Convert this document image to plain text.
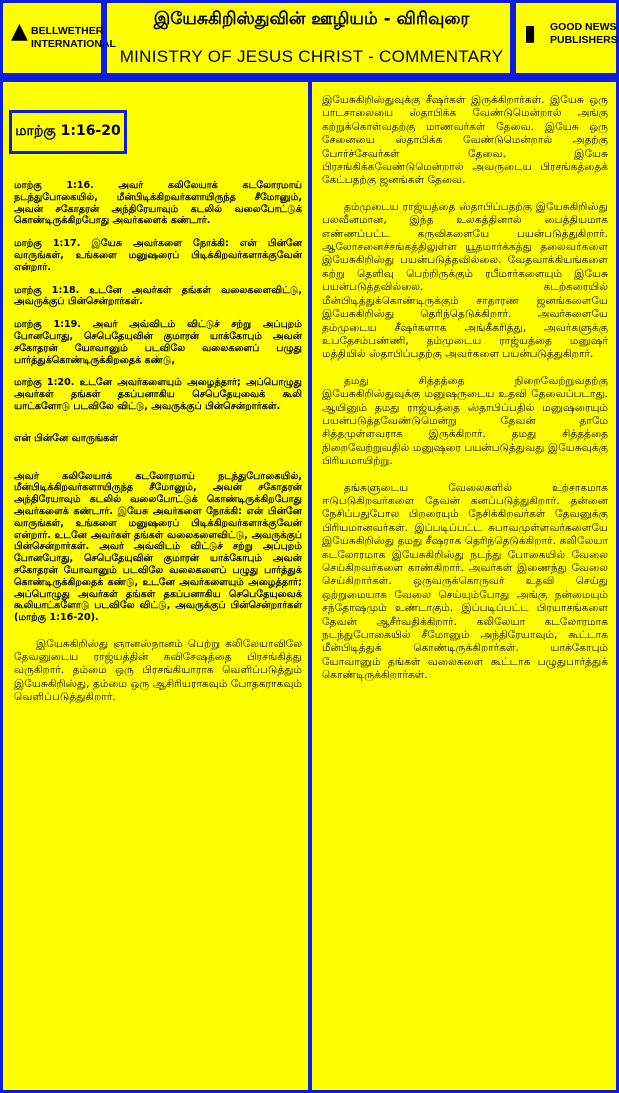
▲ BELLWETHER INTERNATIONAL
இயேசுகிறிஸ்துவின் ஊழியம் - விரிவுரை
MINISTRY OF JESUS CHRIST - COMMENTARY
▮ GOOD NEWS PUBLISHERS
மாற்கு 1:16-20

மாற்கு 1:16. அவர் கலிலேயாக் கடலோரமாய் நடந்துபோகையில், மீன்பிடிக்கிறவர்களாயிருந்த சீமோனும், அவன் சகோதரன் அந்திரேயாவும் கடலில் வலைபோட்டுக் கொண்டிருக்கிறபோது அவர்களைக் கண்டார்.

மாற்கு 1:17. இயேசு அவர்களை நோக்கி: என் பின்னே வாருங்கள், உங்களை மனுஷரைப் பிடிக்கிறவர்களாக்குவேன் என்றார்.

மாற்கு 1:18. உடனே அவர்கள் தங்கள் வலைகளைவிட்டு, அவருக்குப் பின்சென்றார்கள்.

மாற்கு 1:19. அவர் அவ்விடம் விட்டுச் சற்று அப்புறம் போனபோது, செபெதேயுவின் குமாரன் யாக்கோபும் அவன் சகோதரன் யோவானும் படவிலே வலைகளைப் பழுது பார்த்துக்கொண்டிருக்கிறதைக் கண்டு,

மாற்கு 1:20. உடனே அவர்களையும் அழைத்தார்; அப்பொழுது அவர்கள் தங்கள் தகப்பனாகிய செபெதேயுவைக் கூலி யாட்களோடு படவிலே விட்டு, அவருக்குப் பின்சென்றார்கள்.

என் பின்னே வாருங்கள்

அவர் கலிலேயாக் கடலோரமாய் நடந்துபோகையில், மீன்பிடிக்கிறவர்களாயிருந்த சீமோனும், அவன் சகோதரன் அந்திரேயாவும் கடலில் வலைபோட்டுக் கொண்டிருக்கிறபோது அவர்களைக் கண்டார். இயேசு அவர்களை நோக்கி: என் பின்னே வாருங்கள், உங்களை மனுஷரைப் பிடிக்கிறவர்களாக்குவேன் என்றார். உடனே அவர்கள் தங்கள் வலைகளைவிட்டு, அவருக்குப் பின்சென்றார்கள். அவர் அவ்விடம் விட்டுச் சற்று அப்புறம் போனபோது, செபெதேயுவின் குமாரன் யாக்கோபும் அவன் சகோதரன் யோவானும் படவிலே வலைகளைப் பழுது பார்த்துக் கொண்டிருக்கிறதைக் கண்டு, உடனே அவர்களையும் அழைத்தார்; அப்பொழுது அவர்கள் தங்கள் தகப்பனாகிய செபெதேயுவைக் கூலியாட்களோடு படவிலே விட்டு, அவருக்குப் பின்சென்றார்கள் (மாற்கு 1:16-20).

இயேசுகிறிஸ்து ஞானஸ்நானம் பெற்று கலிலேயாவிலே தேவனுடைய ராஜ்யத்தின் சுவிசேஷத்தை பிரசங்கித்து வருகிறார். தம்மை ஒரு பிரசங்கியாராக வெளிப்படுத்தும் இயேசுகிறிஸ்து, தம்மை ஒரு ஆசிரியராகவும் போதகராகவும் வெளிப்படுத்துகிறார்.

இயேசுகிறிஸ்துவுக்கு சீஷர்கள் இருக்கிறார்கள். இயேசு ஒரு பாடசாலையை ஸ்தாபிக்க வேண்டுமென்றால் அங்கு கற்றுக்கொள்வதற்கு மாணவர்கள் தேவை. இயேசு ஒரு சேனையை ஸ்தாபிக்க வேண்டுமென்றால் அதற்கு போர்ச்சேவர்கள் தேவை. இயேசு பிரசங்கிக்கவேண்டுமென்றால் அவருடைய பிரசங்கத்தைக் கேட்பதற்கு ஜனங்கள் தேவை.

தம்முடைய ராஜ்யத்தை ஸ்தாபிப்பதற்கு இயேசுகிறிஸ்து பலவீனமான, இந்த உலகத்தினால் பைத்தியமாக எண்ணப்பட்ட கருவிகளையே பயன்படுத்துகிறார். ஆலோசனைச்சங்கத்திலுள்ள யூதமார்க்கத்து தலைவர்களை இயேசுகிறிஸ்து பயன்படுத்தவில்லை. வேதவாக்கியங்களை கற்று தெளிவு பெற்றிருக்கும் ரபீமார்களையும் இயேசு பயன்படுத்தவில்லை. கடற்கரையில் மீன்பிடித்துக்கொண்டிருக்கும் சாதாரண ஜனங்களையே இயேசுகிறிஸ்து தெரிந்தெடுக்கிறார். அவர்களையே தம்முடைய சீஷர்களாக அங்கீகரித்து, அவர்களுக்கு உபதேசம்பண்ணி, தம்முடைய ராஜ்யத்தை மனுஷர் மத்தியில் ஸ்தாபிப்பதற்கு அவர்களை பயன்படுத்துகிறார்.

தமது சித்தத்தை நிறைவேற்றுவதற்கு இயேசுகிறிஸ்துவுக்கு மனுஷருடைய உதவி தேவைப்படாது. ஆயினும் தமது ராஜ்யத்தை ஸ்தாபிப்பதில் மனுஷரையும் பயன்படுத்தவேண்டுமென்று தேவன் தாமே சித்தமுள்ளவராக இருக்கிறார். தமது சித்தத்தை நிறைவேற்றுவதில் மனுஷரை பயன்படுத்துவது இயேசுவுக்கு பிரியமாயிற்று.

தங்களுடைய வேலைகளில் உற்சாகமாக ஈடுபடுகிறவர்களை தேவன் கனப்படுத்துகிறார். தன்னை நேசிப்பதுபோல பிறரையும் நேசிக்கிறவர்கள் தேவனுக்கு பிரியமானவர்கள். இப்படிப்பட்ட சுபாவமுள்ளவர்களையே இயேசுகிறிஸ்து தமது சீஷராக தெரிந்தெடுக்கிறார். கலிலேயா கடலோரமாக இயேசுகிறிஸ்து நடந்து போகையில் வேலை செய்கிறவர்களை காண்கிறார். அவர்கள் இணைந்து வேலை செய்கிறார்கள். ஒருவருக்கொருவர் உதவி செய்து ஒற்றுமையாக வேலை செய்யும்போது அங்கு நன்மையும் சந்தோஷமும் உண்டாகும். இப்படிப்பட்ட பிரயாசங்களை தேவன் ஆசீர்வதிக்கிறார். கலிலேயா கடலோரமாக நடந்துபோகையில் சீமோனும் அந்திரேயாவும், கூட்டாக மீன்பிடித்துக் கொண்டிருக்கிறார்கள். யாக்கோபும் யோவானும் தங்கள் வலைகளை கூட்டாக பழுதுபார்த்துக் கொண்டிருக்கிறார்கள்.
